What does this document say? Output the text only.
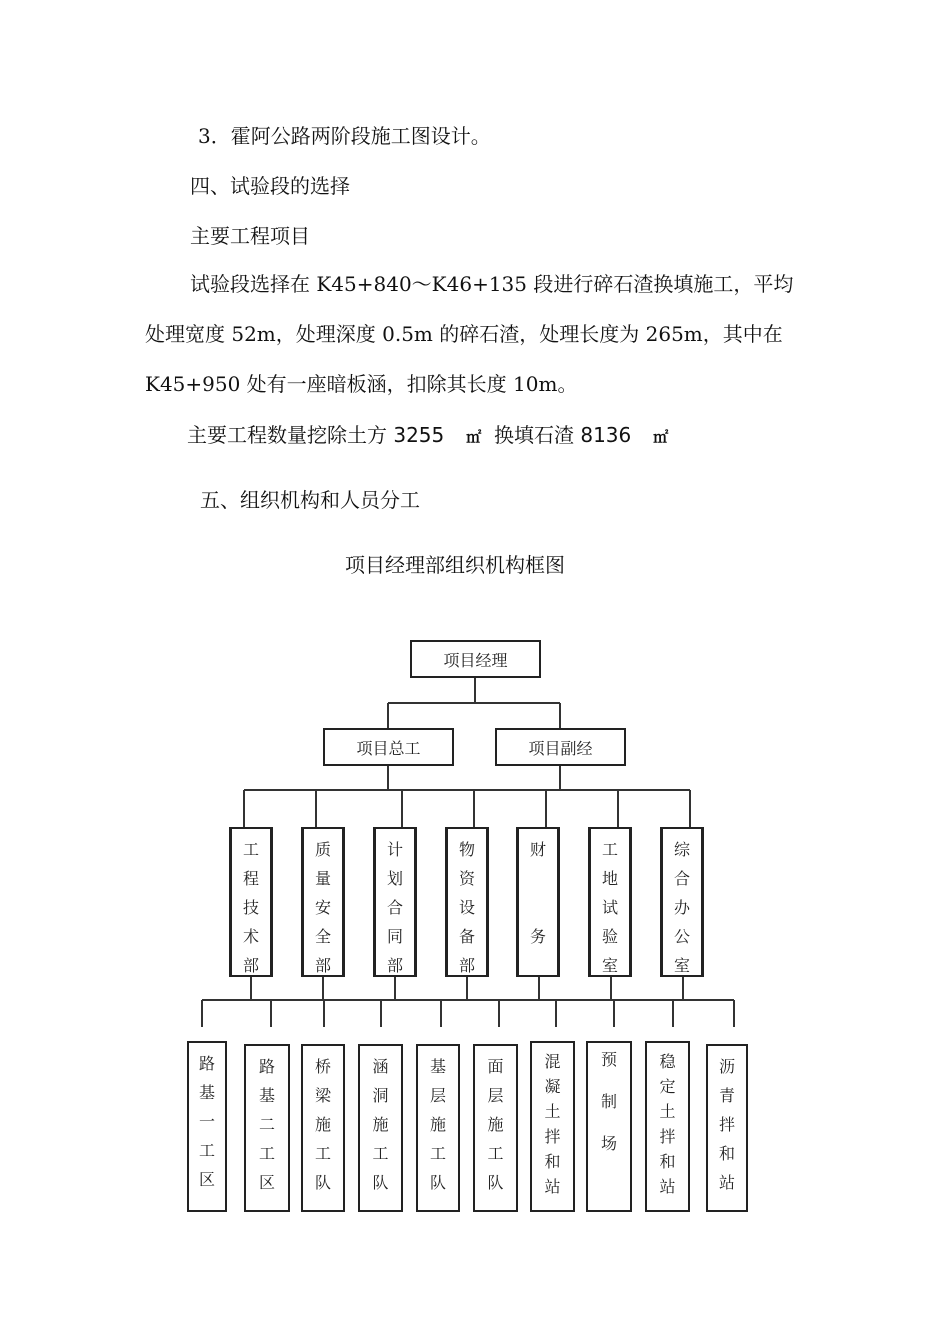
3．霍阿公路两阶段施工图设计。
四、试验段的选择
主要工程项目
试验段选择在 K45+840～K46+135 段进行碎石渣换填施工，平均
处理宽度 52m，处理深度 0.5m 的碎石渣，处理长度为 265m，其中在
K45+950 处有一座暗板涵，扣除其长度 10m。
主要工程数量挖除土方 3255 ㎡ 换填石渣 8136 ㎡
五、组织机构和人员分工
项目经理部组织机构框图
项目经理
项目总工	项目副经
工
程
技
术
部
质
量
安
全
部
计
划
合
同
部
物
资
设
备
部
财

务
工
地
试
验
室
综
合
办
公
室
路
基
一
工
区
路
基
二
工
区
桥
梁
施
工
队
涵
洞
施
工
队
基
层
施
工
队
面
层
施
工
队
混
凝
土
拌
和
站
预

制

场
稳
定
土
拌
和
站
沥
青
拌
和
站
